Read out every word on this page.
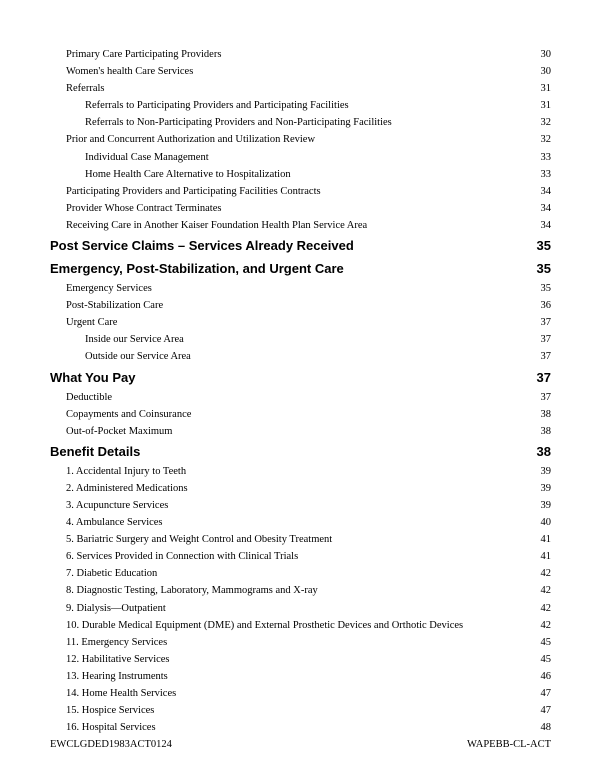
Primary Care Participating Providers	30
Women's health Care Services	30
Referrals	31
Referrals to Participating Providers and Participating Facilities	31
Referrals to Non-Participating Providers and Non-Participating Facilities	32
Prior and Concurrent Authorization and Utilization Review	32
Individual Case Management	33
Home Health Care Alternative to Hospitalization	33
Participating Providers and Participating Facilities Contracts	34
Provider Whose Contract Terminates	34
Receiving Care in Another Kaiser Foundation Health Plan Service Area	34
Post Service Claims – Services Already Received	35
Emergency, Post-Stabilization, and Urgent Care	35
Emergency Services	35
Post-Stabilization Care	36
Urgent Care	37
Inside our Service Area	37
Outside our Service Area	37
What You Pay	37
Deductible	37
Copayments and Coinsurance	38
Out-of-Pocket Maximum	38
Benefit Details	38
1. Accidental Injury to Teeth	39
2. Administered Medications	39
3. Acupuncture Services	39
4. Ambulance Services	40
5. Bariatric Surgery and Weight Control and Obesity Treatment	41
6. Services Provided in Connection with Clinical Trials	41
7. Diabetic Education	42
8. Diagnostic Testing, Laboratory, Mammograms and X-ray	42
9. Dialysis—Outpatient	42
10. Durable Medical Equipment (DME) and External Prosthetic Devices and Orthotic Devices	42
11. Emergency Services	45
12. Habilitative Services	45
13. Hearing Instruments	46
14. Home Health Services	47
15. Hospice Services	47
16. Hospital Services	48
EWCLGDED1983ACT0124	WAPEBB-CL-ACT
